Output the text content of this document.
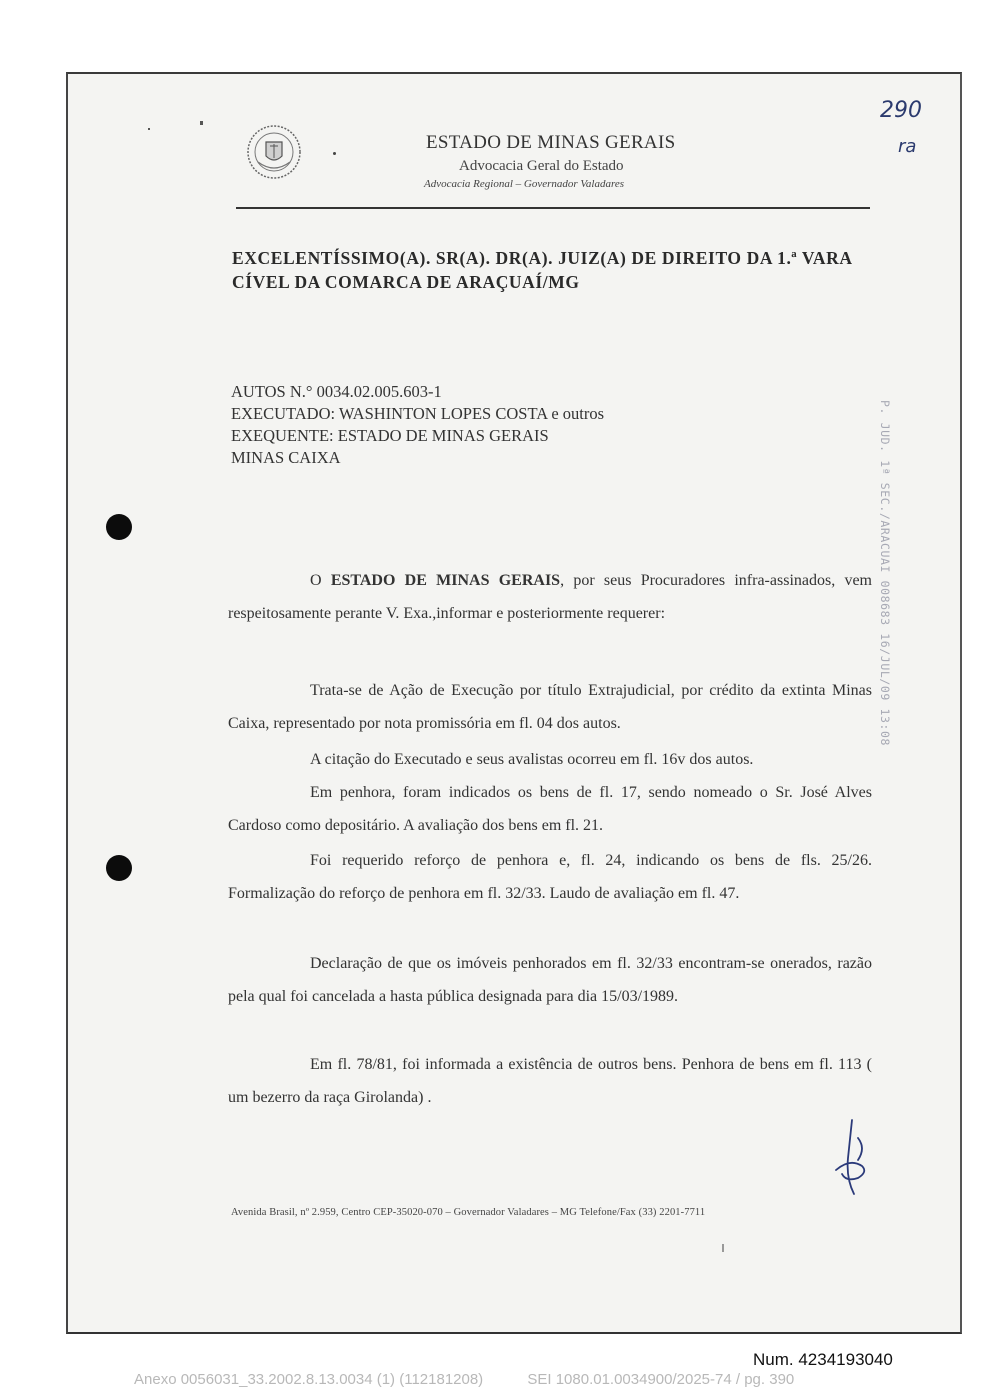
ESTADO DE MINAS GERAIS
Advocacia Geral do Estado
Advocacia Regional – Governador Valadares
290
ra
EXCELENTÍSSIMO(A). SR(A). DR(A). JUIZ(A) DE DIREITO DA 1.ª VARA CÍVEL DA COMARCA DE ARAÇUAÍ/MG
AUTOS N.° 0034.02.005.603-1
EXECUTADO: WASHINTON LOPES COSTA e outros
EXEQUENTE: ESTADO DE MINAS GERAIS
MINAS CAIXA

O ESTADO DE MINAS GERAIS, por seus Procuradores infra-assinados, vem respeitosamente perante V. Exa.,informar e posteriormente requerer:

Trata-se de Ação de Execução por título Extrajudicial, por crédito da extinta Minas Caixa, representado por nota promissória em fl. 04 dos autos.

A citação do Executado e seus avalistas ocorreu em fl. 16v dos autos.

Em penhora, foram indicados os bens de fl. 17, sendo nomeado o Sr. José Alves Cardoso como depositário. A avaliação dos bens em fl. 21.

Foi requerido reforço de penhora e, fl. 24, indicando os bens de fls. 25/26. Formalização do reforço de penhora em fl. 32/33. Laudo de avaliação em fl. 47.

Declaração de que os imóveis penhorados em fl. 32/33 encontram-se onerados, razão pela qual foi cancelada a hasta pública designada para dia 15/03/1989.

Em fl. 78/81, foi informada a existência de outros bens. Penhora de bens em fl. 113 ( um bezerro da raça Girolanda) .

P. JUD. 1ª SEC./ARACUAI 008683 16/JUL/09 13:08
Avenida Brasil, nº 2.959, Centro CEP-35020-070 – Governador Valadares – MG Telefone/Fax (33) 2201-7711
Num. 4234193040
Anexo 0056031_33.2002.8.13.0034 (1) (112181208)	SEI 1080.01.0034900/2025-74 / pg. 390
